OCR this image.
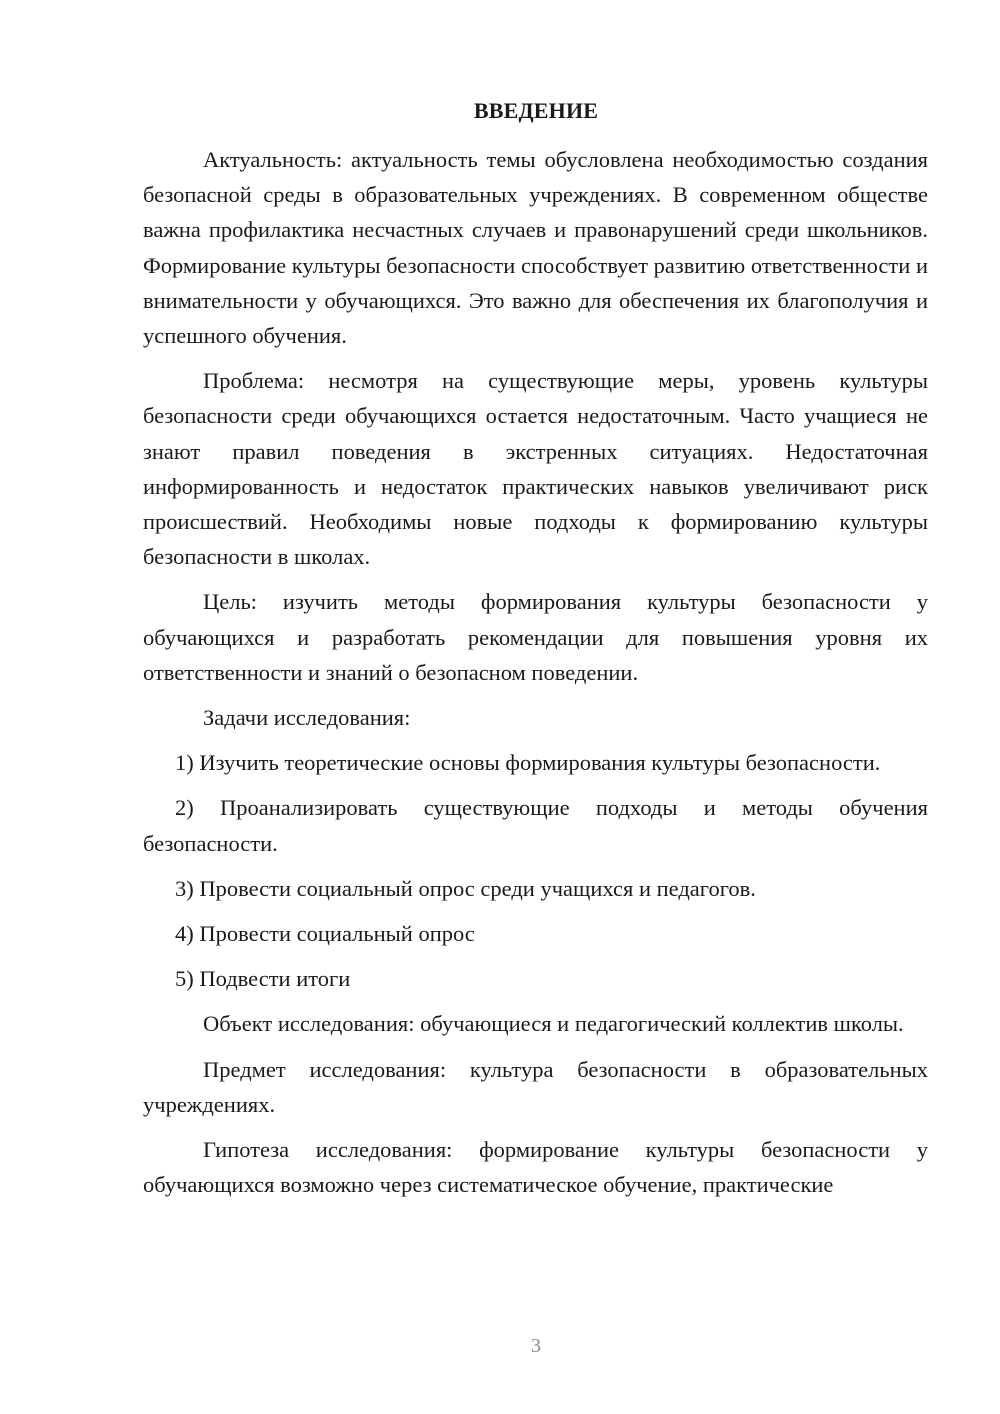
ВВЕДЕНИЕ

Актуальность: актуальность темы обусловлена необходимостью создания безопасной среды в образовательных учреждениях. В современном обществе важна профилактика несчастных случаев и правонарушений среди школьников. Формирование культуры безопасности способствует развитию ответственности и внимательности у обучающихся. Это важно для обеспечения их благополучия и успешного обучения.

Проблема: несмотря на существующие меры, уровень культуры безопасности среди обучающихся остается недостаточным. Часто учащиеся не знают правил поведения в экстренных ситуациях. Недостаточная информированность и недостаток практических навыков увеличивают риск происшествий. Необходимы новые подходы к формированию культуры безопасности в школах.

Цель: изучить методы формирования культуры безопасности у обучающихся и разработать рекомендации для повышения уровня их ответственности и знаний о безопасном поведении.

Задачи исследования:

1) Изучить теоретические основы формирования культуры безопасности.

2) Проанализировать существующие подходы и методы обучения безопасности.

3) Провести социальный опрос среди учащихся и педагогов.

4) Провести социальный опрос

5) Подвести итоги

Объект исследования: обучающиеся и педагогический коллектив школы.

Предмет исследования: культура безопасности в образовательных учреждениях.

Гипотеза исследования: формирование культуры безопасности у обучающихся возможно через систематическое обучение, практические

3
